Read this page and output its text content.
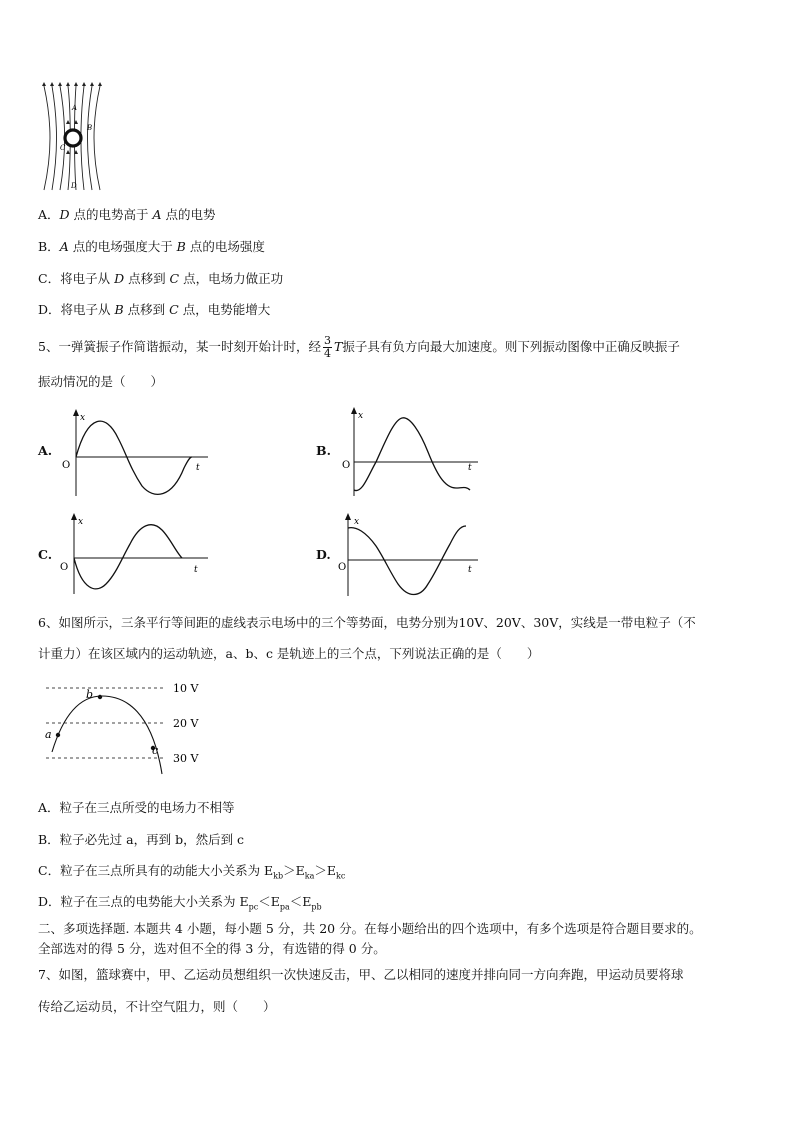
A
B
C
D
A．D 点的电势高于 A 点的电势
B．A 点的电场强度大于 B 点的电场强度
C．将电子从 D 点移到 C 点，电场力做正功
D．将电子从 B 点移到 C 点，电势能增大
5、一弹簧振子作简谐振动，某一时刻开始计时，经 $\frac{3}{4}$ T振子具有负方向最大加速度。则下列振动图像中正确反映振子
振动情况的是（　　）
A.
x
O	t
B.
x
O	t
C.
x
O	t
D.
x
O	t
6、如图所示，三条平行等间距的虚线表示电场中的三个等势面，电势分别为10V、20V、30V，实线是一带电粒子（不
计重力）在该区域内的运动轨迹，a、b、c 是轨迹上的三个点，下列说法正确的是（　　）
a
b
c
10 V
20 V
30 V
A．粒子在三点所受的电场力不相等
B．粒子必先过 a，再到 b，然后到 c
C．粒子在三点所具有的动能大小关系为 $E_{kb}>E_{ka}>E_{kc}$
D．粒子在三点的电势能大小关系为 $E_{pc}<E_{pa}<E_{pb}$
二、多项选择题. 本题共 4 小题，每小题 5 分，共 20 分。在每小题给出的四个选项中，有多个选项是符合题目要求的。
全部选对的得 5 分，选对但不全的得 3 分，有选错的得 0 分。
7、如图，篮球赛中，甲、乙运动员想组织一次快速反击，甲、乙以相同的速度并排向同一方向奔跑，甲运动员要将球
传给乙运动员，不计空气阻力，则（　　）
